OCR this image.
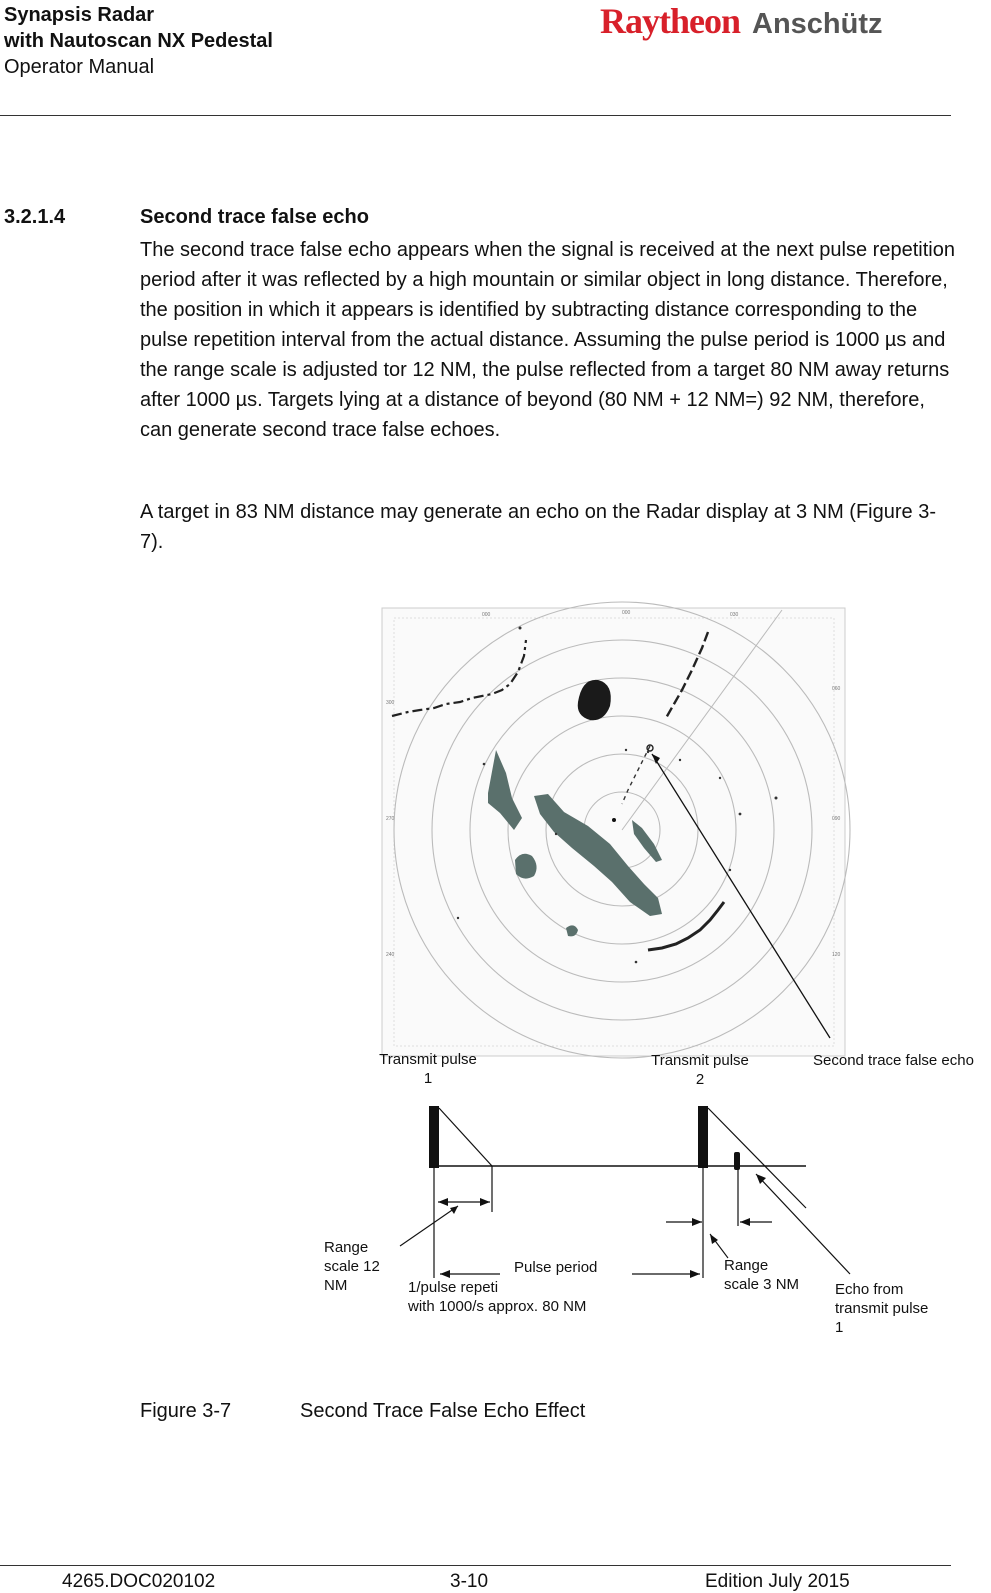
Synapsis Radar
with Nautoscan NX Pedestal
Operator Manual
Raytheon Anschütz
3.2.1.4	Second trace false echo

The second trace false echo appears when the signal is received at the next pulse repetition period after it was reflected by a high mountain or similar object in long distance. Therefore, the position in which it appears is identified by subtracting distance corresponding to the pulse repetition interval from the actual distance. Assuming the pulse period is 1000 µs and the range scale is adjusted tor 12 NM, the pulse reflected from a target 80 NM away returns after 1000 µs. Targets lying at a distance of beyond (80 NM + 12 NM=) 92 NM, therefore, can generate second trace false echoes.

A target in 83 NM distance may generate an echo on the Radar display at 3 NM (Figure 3-7).

000	000	030
300
270
240
060
090
120
Transmit pulse
1
Transmit pulse
2
Second trace false echo
Range
scale 12
NM
Pulse period
1/pulse repeti
with 1000/s approx. 80 NM
Range
scale 3 NM Echo from
transmit pulse
1
Figure 3-7	Second Trace False Echo Effect
4265.DOC020102	3-10	Edition July 2015
